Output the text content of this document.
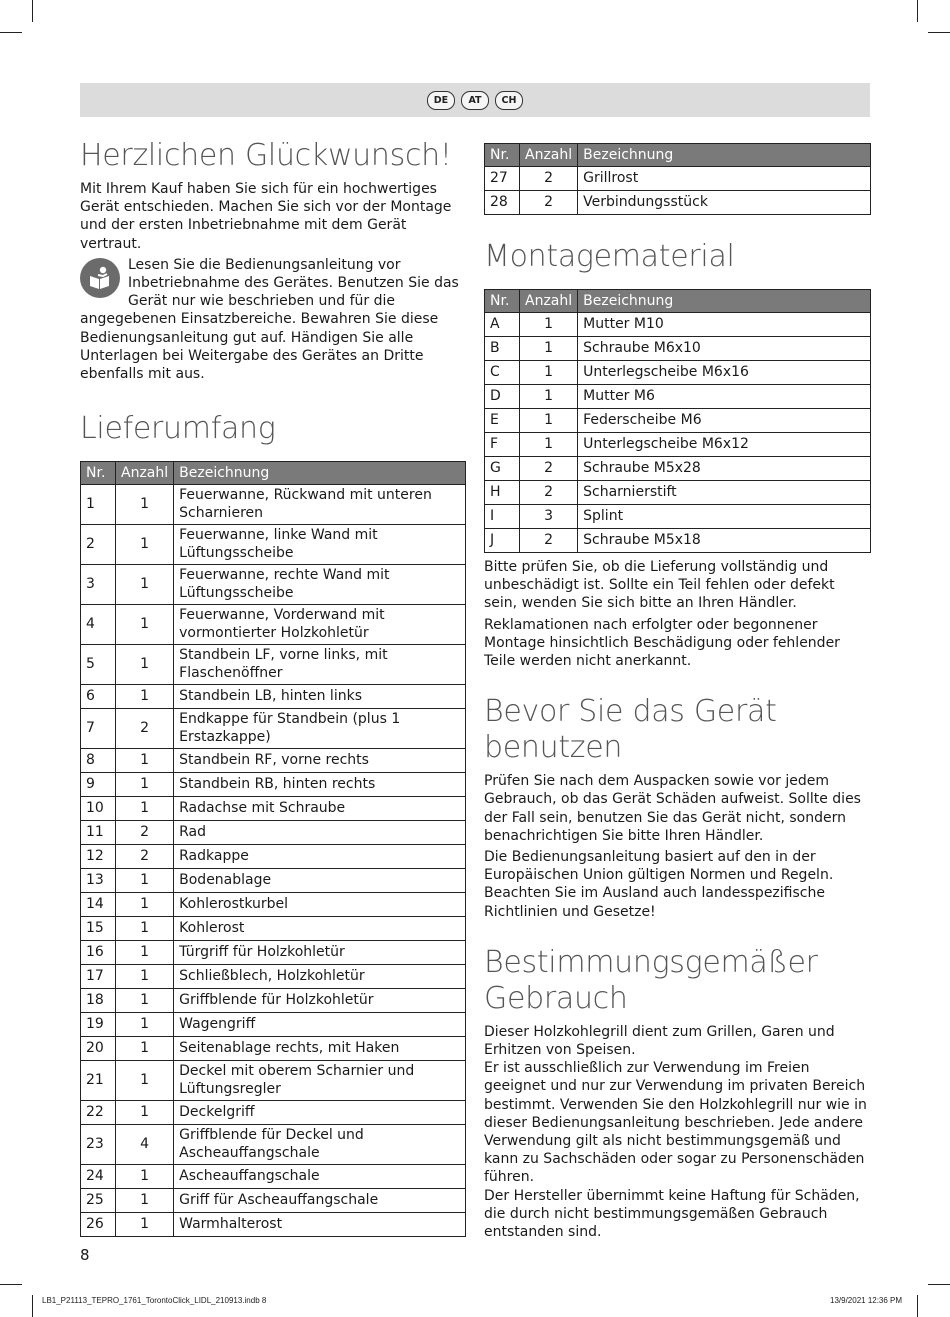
DE	AT	CH
Herzlichen Glückwunsch!

Mit Ihrem Kauf haben Sie sich für ein hochwertiges Gerät entschieden. Machen Sie sich vor der Montage und der ersten Inbetriebnahme mit dem Gerät vertraut.

Lesen Sie die Bedienungsanleitung vor Inbetriebnahme des Gerätes. Benutzen Sie das Gerät nur wie beschrieben und für die angegebenen Einsatzbereiche. Bewahren Sie diese Bedienungsanleitung gut auf. Händigen Sie alle Unterlagen bei Weitergabe des Gerätes an Dritte ebenfalls mit aus.

Lieferumfang
Nr.	Anzahl	Bezeichnung
1	1	Feuerwanne, Rückwand mit unteren Scharnieren
2	1	Feuerwanne, linke Wand mit Lüftungsscheibe
3	1	Feuerwanne, rechte Wand mit Lüftungsscheibe
4	1	Feuerwanne, Vorderwand mit vormontierter Holzkohletür
5	1	Standbein LF, vorne links, mit Flaschenöffner
6	1	Standbein LB, hinten links
7	2	Endkappe für Standbein (plus 1 Erstazkappe)
8	1	Standbein RF, vorne rechts
9	1	Standbein RB, hinten rechts
10	1	Radachse mit Schraube
11	2	Rad
12	2	Radkappe
13	1	Bodenablage
14	1	Kohlerostkurbel
15	1	Kohlerost
16	1	Türgriff für Holzkohletür
17	1	Schließblech, Holzkohletür
18	1	Griffblende für Holzkohletür
19	1	Wagengriff
20	1	Seitenablage rechts, mit Haken
21	1	Deckel mit oberem Scharnier und Lüftungsregler
22	1	Deckelgriff
23	4	Griffblende für Deckel und Ascheauffangschale
24	1	Ascheauffangschale
25	1	Griff für Ascheauffangschale
26	1	Warmhalterost
Nr.	Anzahl	Bezeichnung
27	2	Grillrost
28	2	Verbindungsstück
Montagematerial
Nr.	Anzahl	Bezeichnung
A	1	Mutter M10
B	1	Schraube M6x10
C	1	Unterlegscheibe M6x16
D	1	Mutter M6
E	1	Federscheibe M6
F	1	Unterlegscheibe M6x12
G	2	Schraube M5x28
H	2	Scharnierstift
I	3	Splint
J	2	Schraube M5x18

Bitte prüfen Sie, ob die Lieferung vollständig und unbeschädigt ist. Sollte ein Teil fehlen oder defekt sein, wenden Sie sich bitte an Ihren Händler.

Reklamationen nach erfolgter oder begonnener Montage hinsichtlich Beschädigung oder fehlender Teile werden nicht anerkannt.

Bevor Sie das Gerät benutzen

Prüfen Sie nach dem Auspacken sowie vor jedem Gebrauch, ob das Gerät Schäden aufweist. Sollte dies der Fall sein, benutzen Sie das Gerät nicht, sondern benachrichtigen Sie bitte Ihren Händler.

Die Bedienungsanleitung basiert auf den in der Europäischen Union gültigen Normen und Regeln. Beachten Sie im Ausland auch landesspezifische Richtlinien und Gesetze!

Bestimmungsgemäßer
Gebrauch

Dieser Holzkohlegrill dient zum Grillen, Garen und Erhitzen von Speisen.

Er ist ausschließlich zur Verwendung im Freien geeignet und nur zur Verwendung im privaten Bereich bestimmt. Verwenden Sie den Holzkohlegrill nur wie in dieser Bedienungsanleitung beschrieben. Jede andere Verwendung gilt als nicht bestimmungsgemäß und kann zu Sachschäden oder sogar zu Personenschäden führen.

Der Hersteller übernimmt keine Haftung für Schäden, die durch nicht bestimmungsgemäßen Gebrauch entstanden sind.

8
LB1_P21113_TEPRO_1761_TorontoClick_LIDL_210913.indb 8	13/9/2021 12:36 PM
